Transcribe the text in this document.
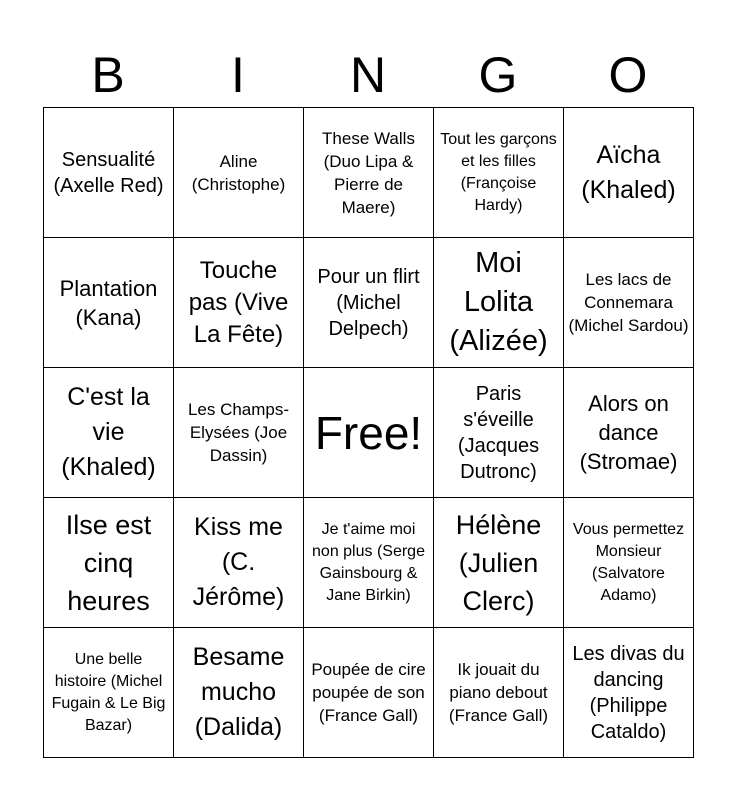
B	I	N	G	O
Sensualité (Axelle Red)	Aline (Christophe)	These Walls (Duo Lipa & Pierre de Maere)	Tout les garçons et les filles (Françoise Hardy)	Aïcha (Khaled)

Plantation (Kana)	Touche pas (Vive La Fête)	Pour un flirt (Michel Delpech)	Moi Lolita (Alizée)	Les lacs de Connemara (Michel Sardou)

C'est la vie (Khaled)	Les Champs-Elysées (Joe Dassin)	Free!	Paris s'éveille (Jacques Dutronc)	Alors on dance (Stromae)

Ilse est cinq heures	Kiss me (C. Jérôme)	Je t'aime moi non plus (Serge Gainsbourg & Jane Birkin)	Hélène (Julien Clerc)	Vous permettez Monsieur (Salvatore Adamo)

Une belle histoire (Michel Fugain & Le Big Bazar)	Besame mucho (Dalida)	Poupée de cire poupée de son (France Gall)	Ik jouait du piano debout (France Gall)	Les divas du dancing (Philippe Cataldo)
